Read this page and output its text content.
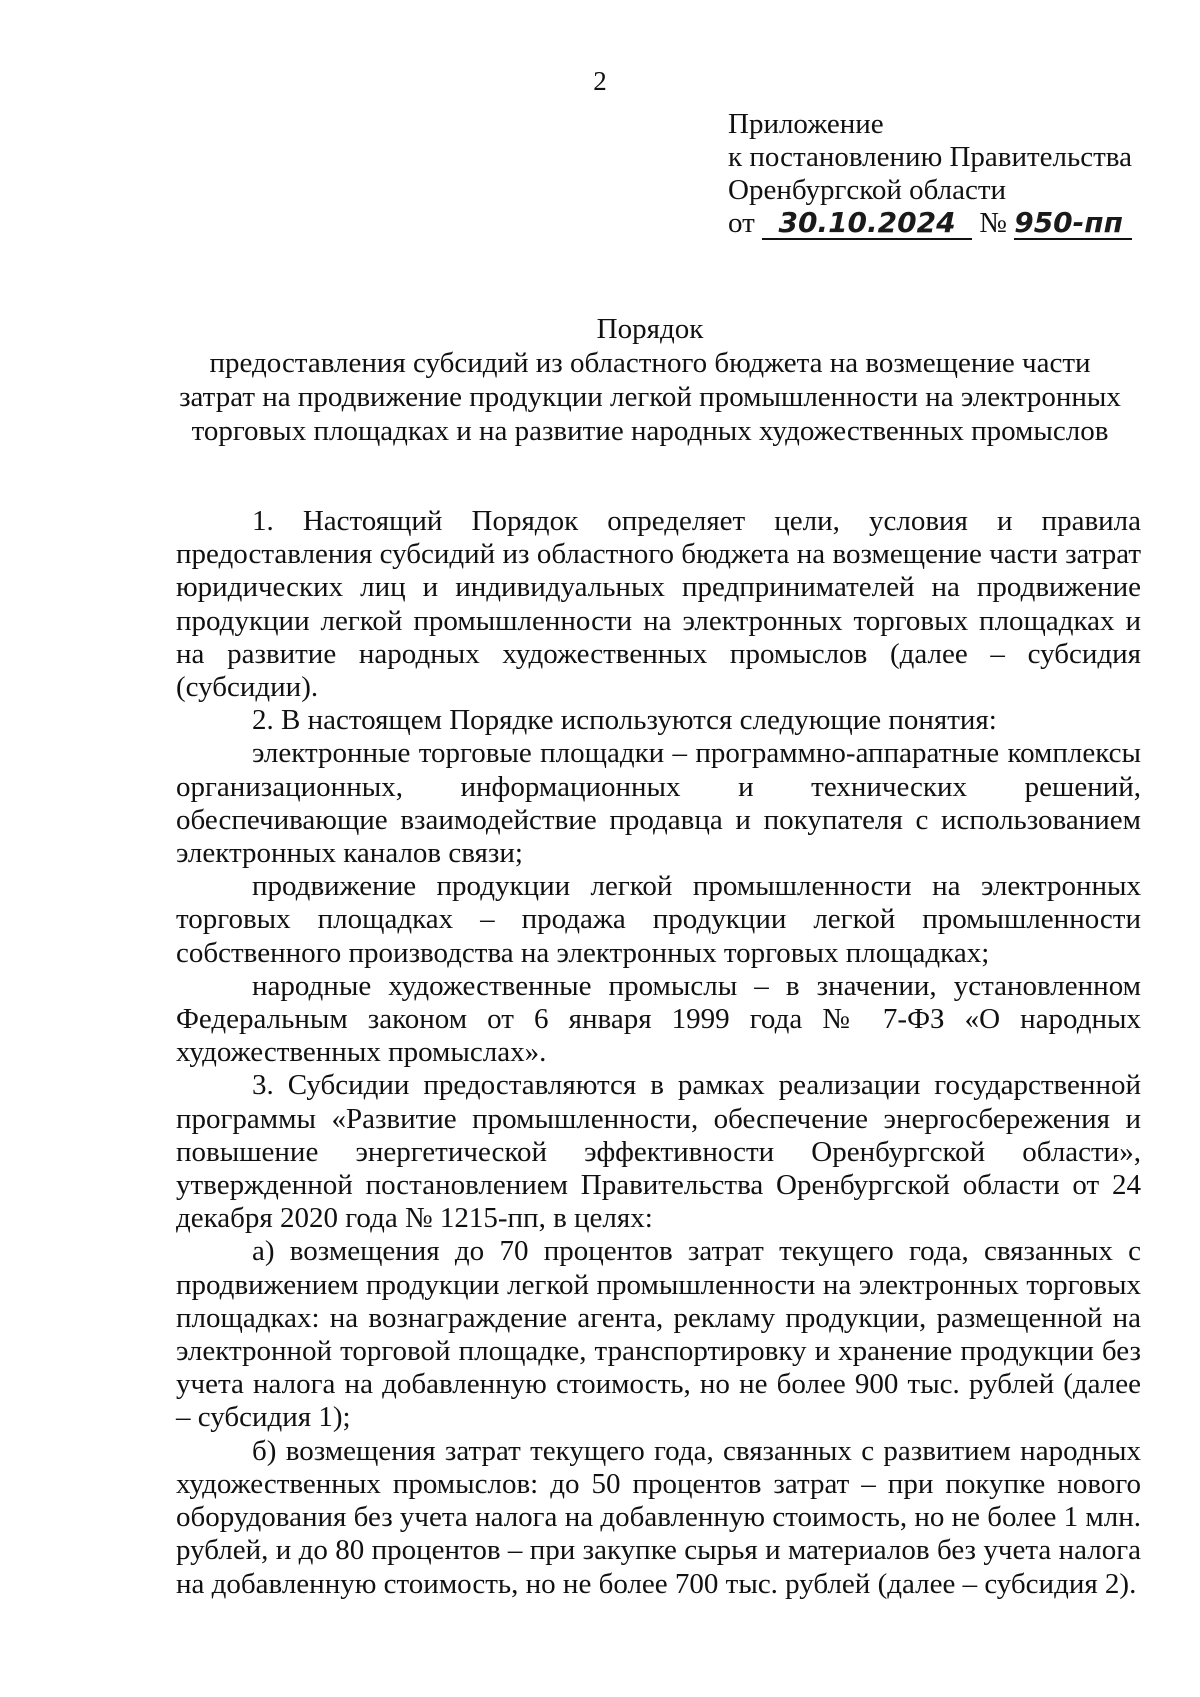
2
Приложение
к постановлению Правительства
Оренбургской области
от 30.10.2024 № 950-пп
Порядок
предоставления субсидий из областного бюджета на возмещение части
затрат на продвижение продукции легкой промышленности на электронных
торговых площадках и на развитие народных художественных промыслов

1. Настоящий Порядок определяет цели, условия и правила предоставления субсидий из областного бюджета на возмещение части затрат юридических лиц и индивидуальных предпринимателей на продвижение продукции легкой промышленности на электронных торговых площадках и на развитие народных художественных промыслов (далее – субсидия (субсидии).

2. В настоящем Порядке используются следующие понятия:

электронные торговые площадки – программно-аппаратные комплексы организационных, информационных и технических решений, обеспечивающие взаимодействие продавца и покупателя с использованием электронных каналов связи;

продвижение продукции легкой промышленности на электронных торговых площадках – продажа продукции легкой промышленности собственного производства на электронных торговых площадках;

народные художественные промыслы – в значении, установленном Федеральным законом от 6 января 1999 года № 7-ФЗ «О народных художественных промыслах».

3. Субсидии предоставляются в рамках реализации государственной программы «Развитие промышленности, обеспечение энергосбережения и повышение энергетической эффективности Оренбургской области», утвержденной постановлением Правительства Оренбургской области от 24 декабря 2020 года № 1215-пп, в целях:

а) возмещения до 70 процентов затрат текущего года, связанных с продвижением продукции легкой промышленности на электронных торговых площадках: на вознаграждение агента, рекламу продукции, размещенной на электронной торговой площадке, транспортировку и хранение продукции без учета налога на добавленную стоимость, но не более 900 тыс. рублей (далее – субсидия 1);

б) возмещения затрат текущего года, связанных с развитием народных художественных промыслов: до 50 процентов затрат – при покупке нового оборудования без учета налога на добавленную стоимость, но не более 1 млн. рублей, и до 80 процентов – при закупке сырья и материалов без учета налога на добавленную стоимость, но не более 700 тыс. рублей (далее – субсидия 2).
